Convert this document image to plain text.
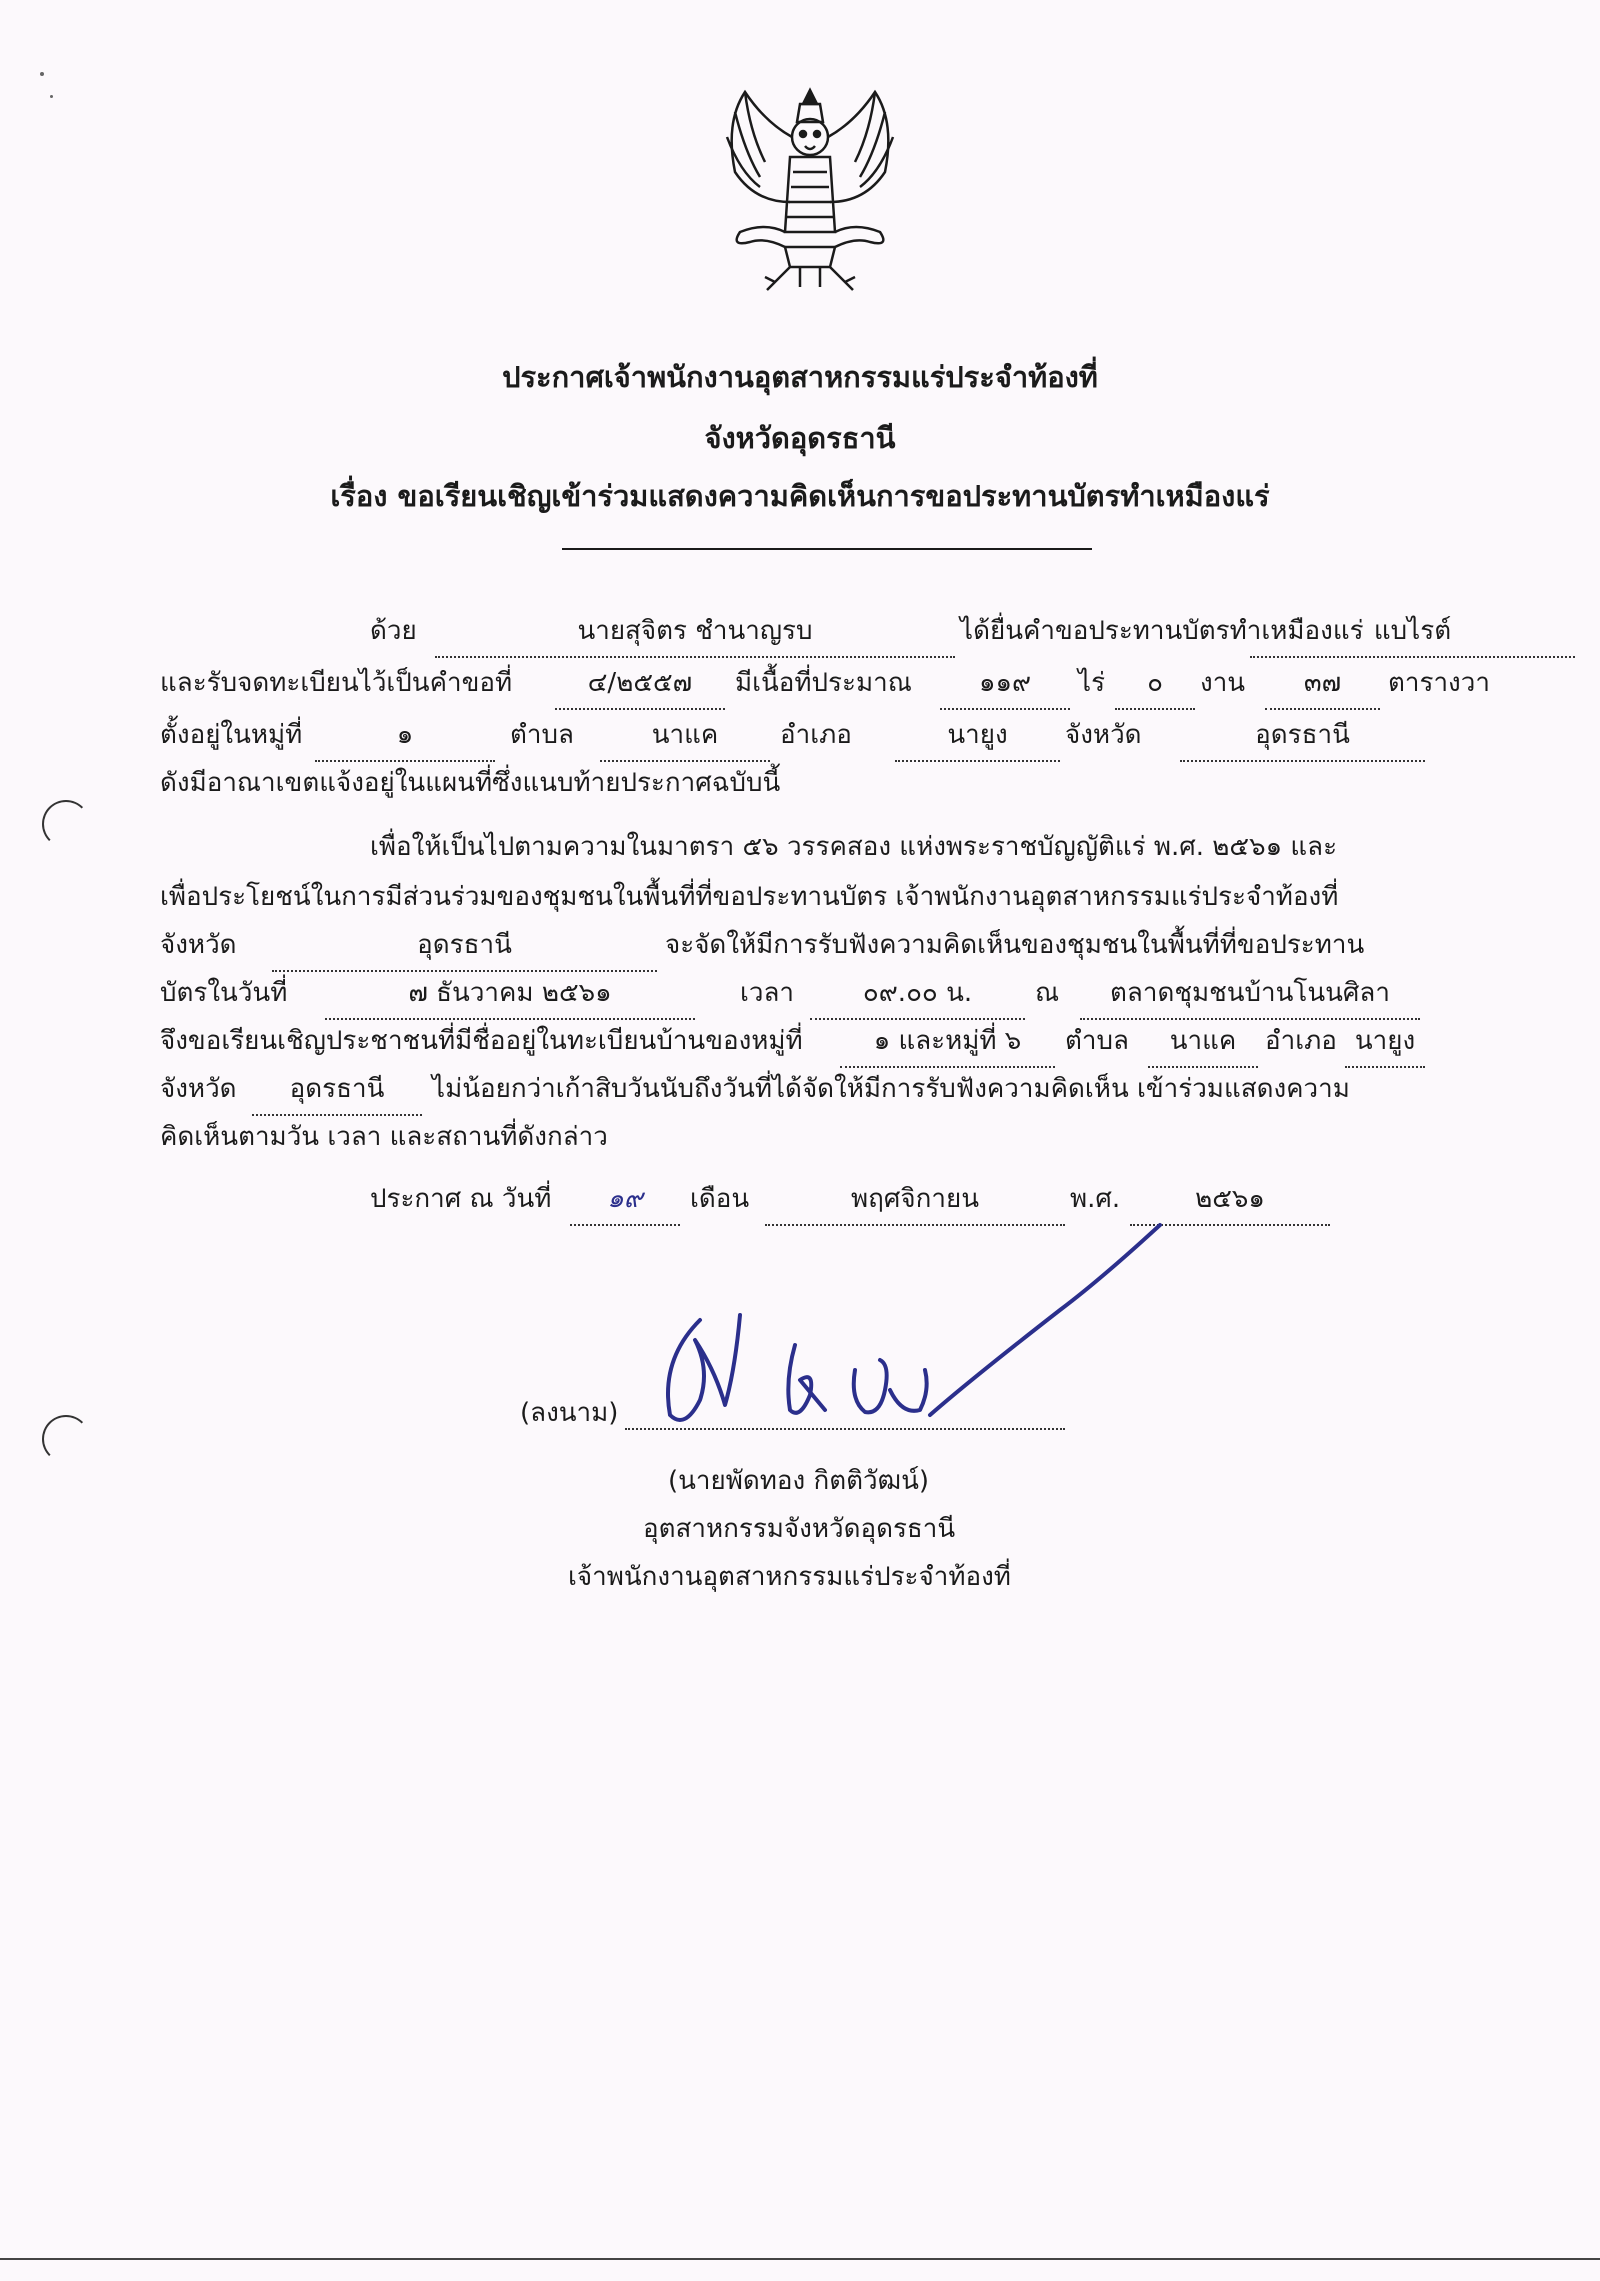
ประกาศเจ้าพนักงานอุตสาหกรรมแร่ประจำท้องที่
จังหวัดอุดรธานี
เรื่อง ขอเรียนเชิญเข้าร่วมแสดงความคิดเห็นการขอประทานบัตรทำเหมืองแร่
ด้วย	นายสุจิตร ชำนาญรบ	ได้ยื่นคำขอประทานบัตรทำเหมืองแร่ แบไรต์
และรับจดทะเบียนไว้เป็นคำขอที่	๔/๒๕๕๗	มีเนื้อที่ประมาณ	๑๑๙	ไร่	๐	งาน	๓๗	ตารางวา
ตั้งอยู่ในหมู่ที่	๑	ตำบล	นาแค	อำเภอ	นายูง	จังหวัด	อุดรธานี
ดังมีอาณาเขตแจ้งอยู่ในแผนที่ซึ่งแนบท้ายประกาศฉบับนี้
เพื่อให้เป็นไปตามความในมาตรา ๕๖ วรรคสอง แห่งพระราชบัญญัติแร่ พ.ศ. ๒๕๖๑ และ
เพื่อประโยชน์ในการมีส่วนร่วมของชุมชนในพื้นที่ที่ขอประทานบัตร เจ้าพนักงานอุตสาหกรรมแร่ประจำท้องที่
จังหวัด	อุดรธานี	จะจัดให้มีการรับฟังความคิดเห็นของชุมชนในพื้นที่ที่ขอประทาน
บัตรในวันที่	๗ ธันวาคม ๒๕๖๑	เวลา	๐๙.๐๐ น.	ณ	ตลาดชุมชนบ้านโนนศิลา
จึงขอเรียนเชิญประชาชนที่มีชื่ออยู่ในทะเบียนบ้านของหมู่ที่	๑ และหมู่ที่ ๖	ตำบล	นาแค	อำเภอ นายูง
จังหวัด	อุดรธานี	ไม่น้อยกว่าเก้าสิบวันนับถึงวันที่ได้จัดให้มีการรับฟังความคิดเห็น เข้าร่วมแสดงความ
คิดเห็นตามวัน เวลา และสถานที่ดังกล่าว
ประกาศ ณ วันที่	๑๙	เดือน	พฤศจิกายน	พ.ศ.	๒๕๖๑
(ลงนาม)
(นายพัดทอง กิตติวัฒน์)
อุตสาหกรรมจังหวัดอุดรธานี
เจ้าพนักงานอุตสาหกรรมแร่ประจำท้องที่
